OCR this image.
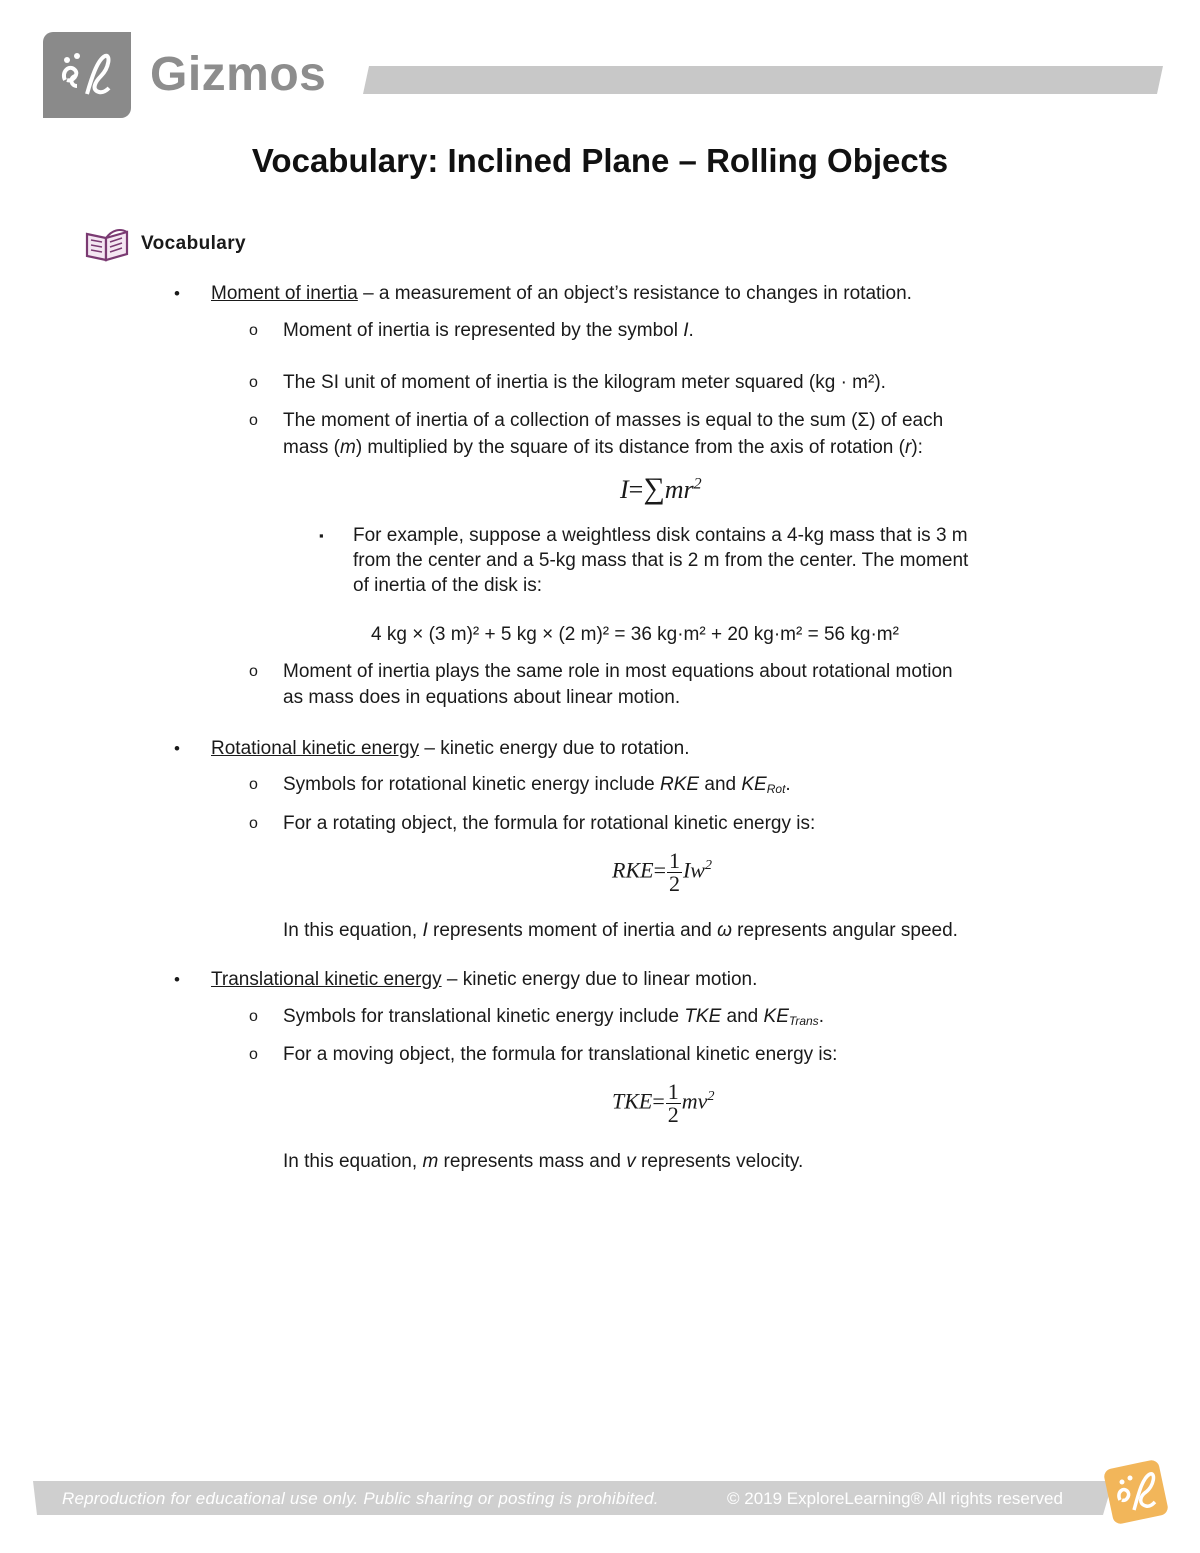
Gizmos
Vocabulary: Inclined Plane – Rolling Objects
Vocabulary
• Moment of inertia – a measurement of an object’s resistance to changes in rotation.
o Moment of inertia is represented by the symbol I.
o The SI unit of moment of inertia is the kilogram meter squared (kg · m²).
o The moment of inertia of a collection of masses is equal to the sum (Σ) of each
mass (m) multiplied by the square of its distance from the axis of rotation (r):
$I=\sum mr^2$
▪ For example, suppose a weightless disk contains a 4-kg mass that is 3 m
from the center and a 5-kg mass that is 2 m from the center. The moment
of inertia of the disk is:
4 kg × (3 m)² + 5 kg × (2 m)² = 36 kg·m² + 20 kg·m² = 56 kg·m²
o Moment of inertia plays the same role in most equations about rotational motion
as mass does in equations about linear motion.
• Rotational kinetic energy – kinetic energy due to rotation.
o Symbols for rotational kinetic energy include RKE and KERot.
o For a rotating object, the formula for rotational kinetic energy is:
$RKE= \frac{1}{2} Iw^2$
In this equation, I represents moment of inertia and ω represents angular speed.
• Translational kinetic energy – kinetic energy due to linear motion.
o Symbols for translational kinetic energy include TKE and KETrans.
o For a moving object, the formula for translational kinetic energy is:
$TKE= \frac{1}{2} mv^2$
In this equation, m represents mass and v represents velocity.
Reproduction for educational use only. Public sharing or posting is prohibited.	© 2019 ExploreLearning® All rights reserved
